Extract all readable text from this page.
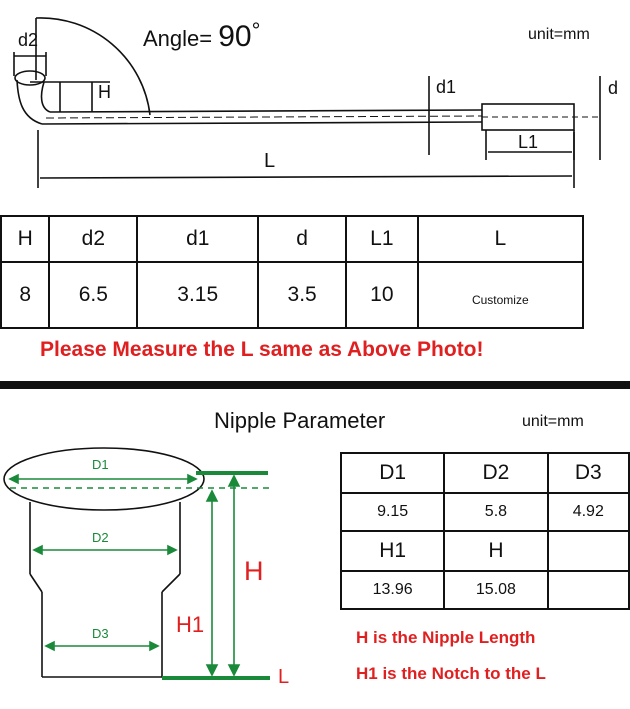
Angle= 90°	unit=mm
d2
H	d1	d
L1
L
H	d2	d1	d	L1	L
8	6.5	3.15	3.5	10	Customize
Please Measure the L same as Above Photo!
Nipple Parameter	unit=mm
D1
D2
D3
H
H1
L
D1	D2	D3
9.15	5.8	4.92
H1	H	
13.96	15.08	
H is the Nipple Length
H1 is the Notch to the L
